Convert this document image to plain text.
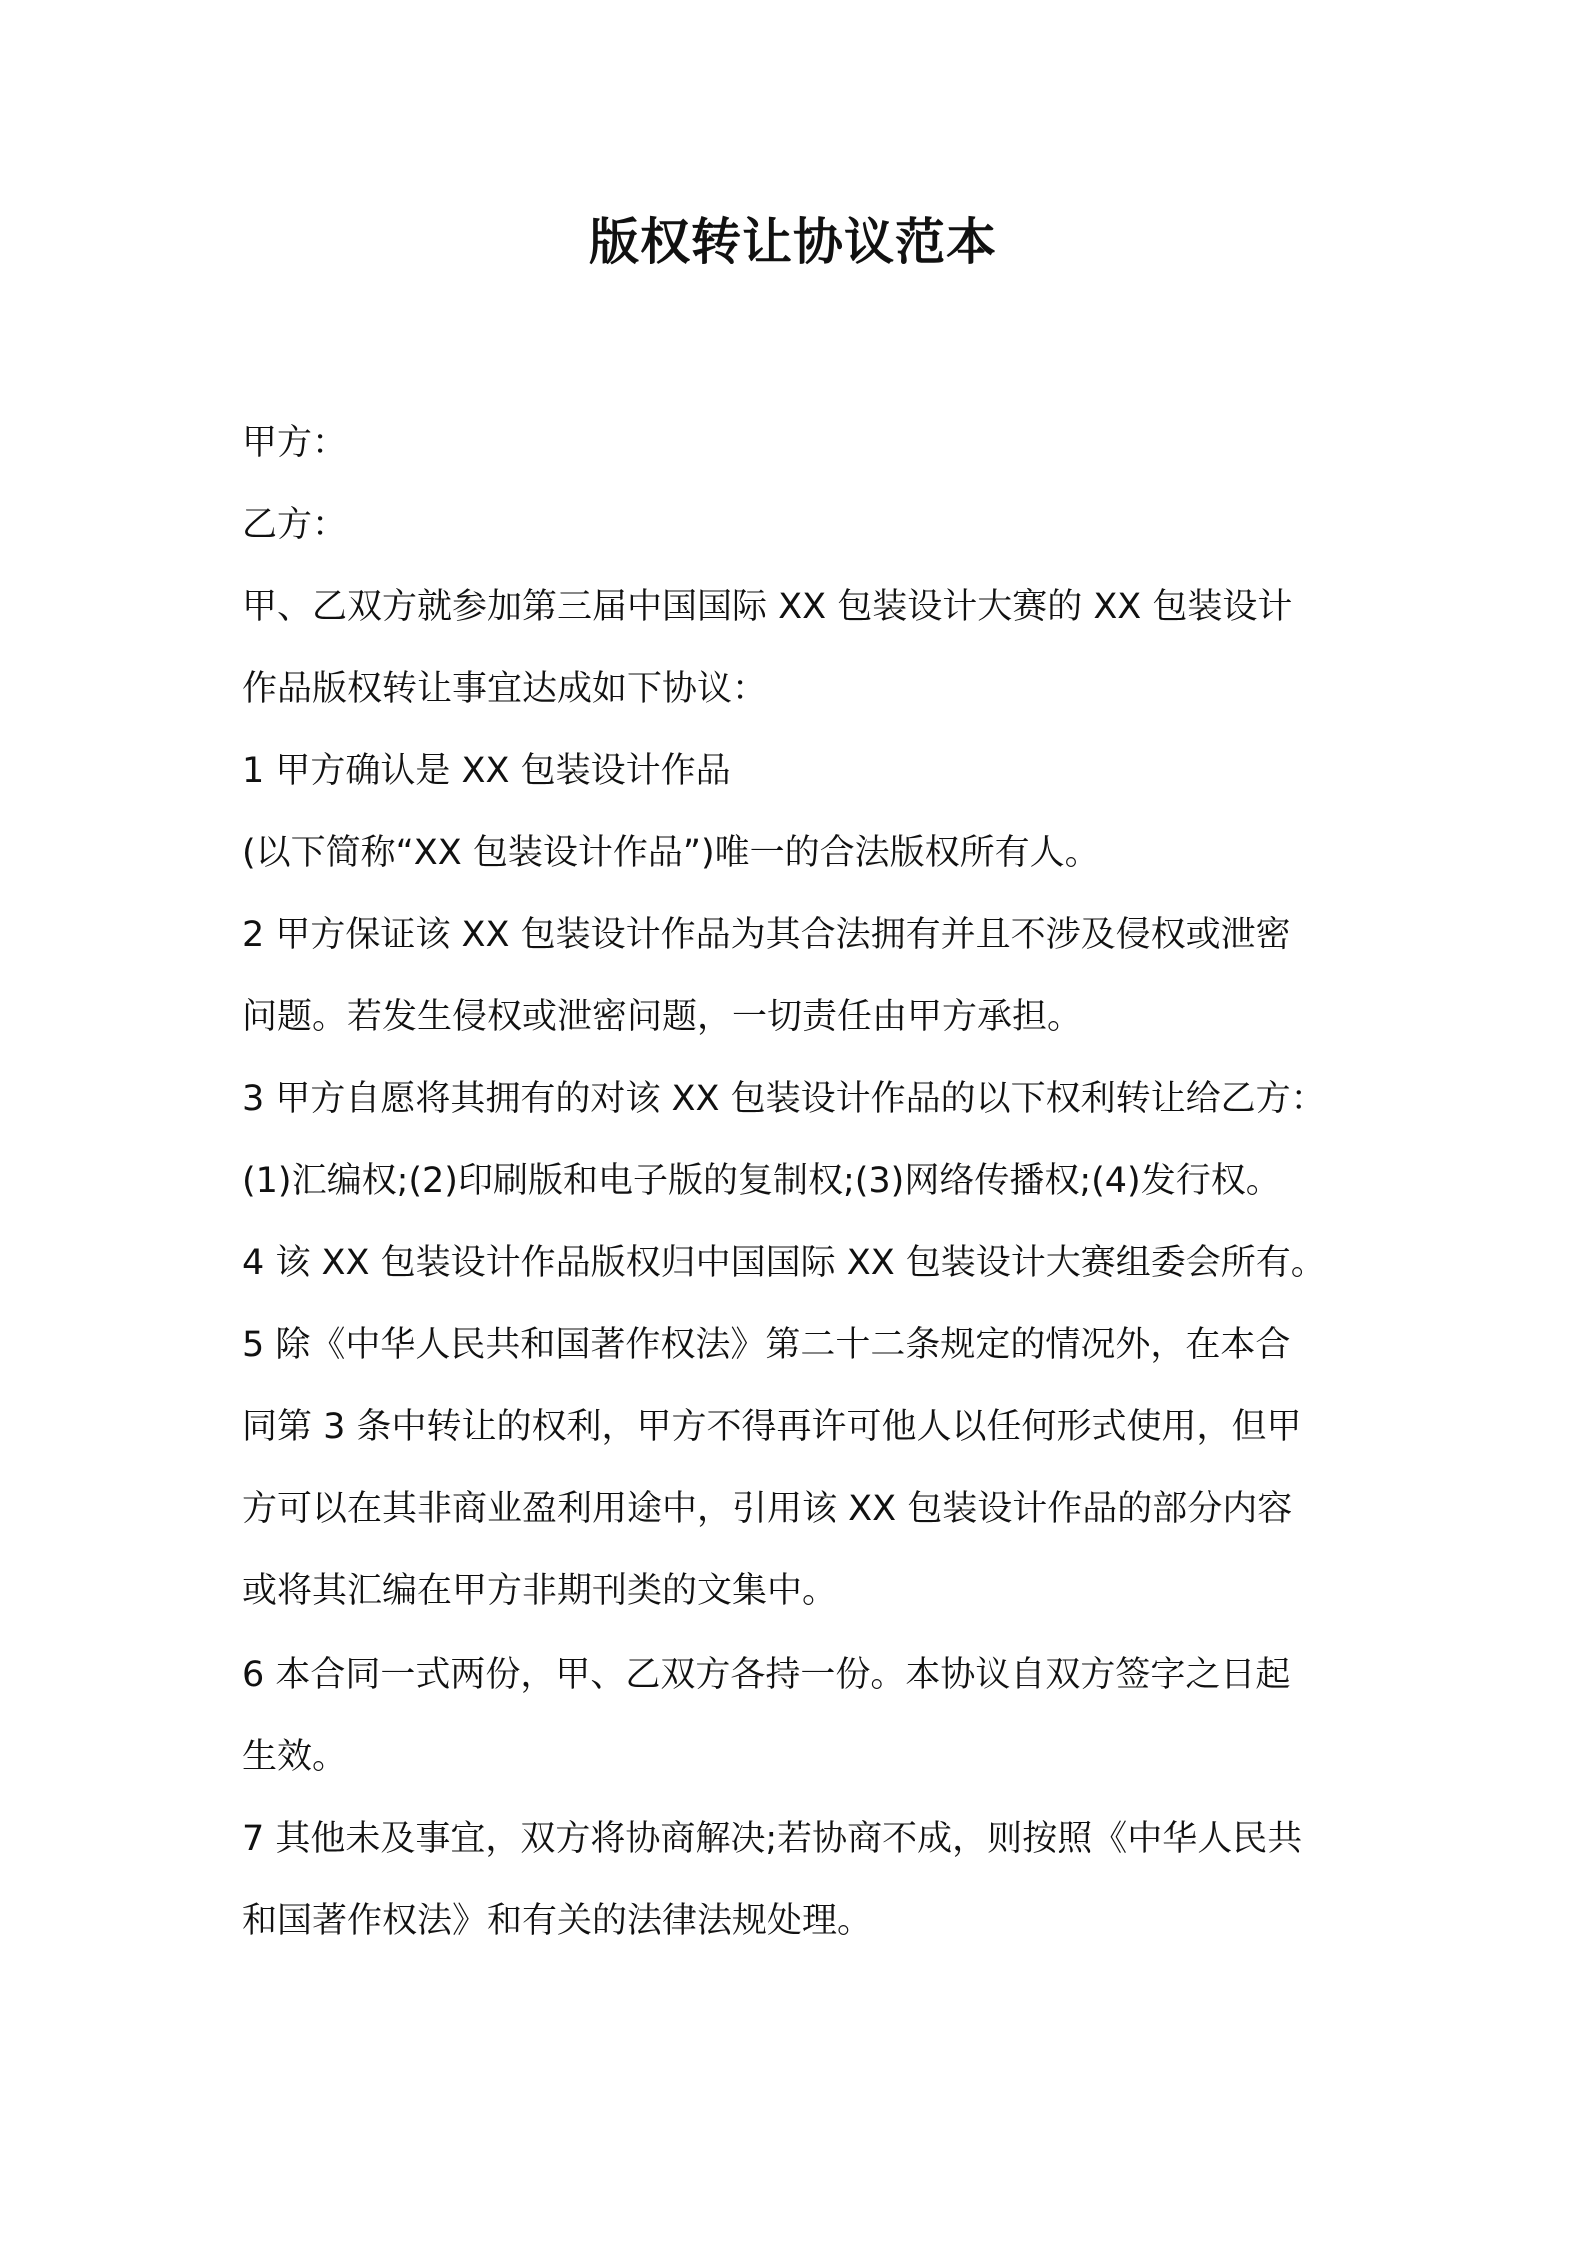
版权转让协议范本
甲方：
乙方：
甲、乙双方就参加第三届中国国际 XX 包装设计大赛的 XX 包装设计
作品版权转让事宜达成如下协议：
1 甲方确认是 XX 包装设计作品
(以下简称“XX 包装设计作品”)唯一的合法版权所有人。
2 甲方保证该 XX 包装设计作品为其合法拥有并且不涉及侵权或泄密
问题。若发生侵权或泄密问题，一切责任由甲方承担。
3 甲方自愿将其拥有的对该 XX 包装设计作品的以下权利转让给乙方：
(1)汇编权;(2)印刷版和电子版的复制权;(3)网络传播权;(4)发行权。
4 该 XX 包装设计作品版权归中国国际 XX 包装设计大赛组委会所有。
5 除《中华人民共和国著作权法》第二十二条规定的情况外，在本合
同第 3 条中转让的权利，甲方不得再许可他人以任何形式使用，但甲
方可以在其非商业盈利用途中，引用该 XX 包装设计作品的部分内容
或将其汇编在甲方非期刊类的文集中。
6 本合同一式两份，甲、乙双方各持一份。本协议自双方签字之日起
生效。
7 其他未及事宜，双方将协商解决;若协商不成，则按照《中华人民共
和国著作权法》和有关的法律法规处理。
